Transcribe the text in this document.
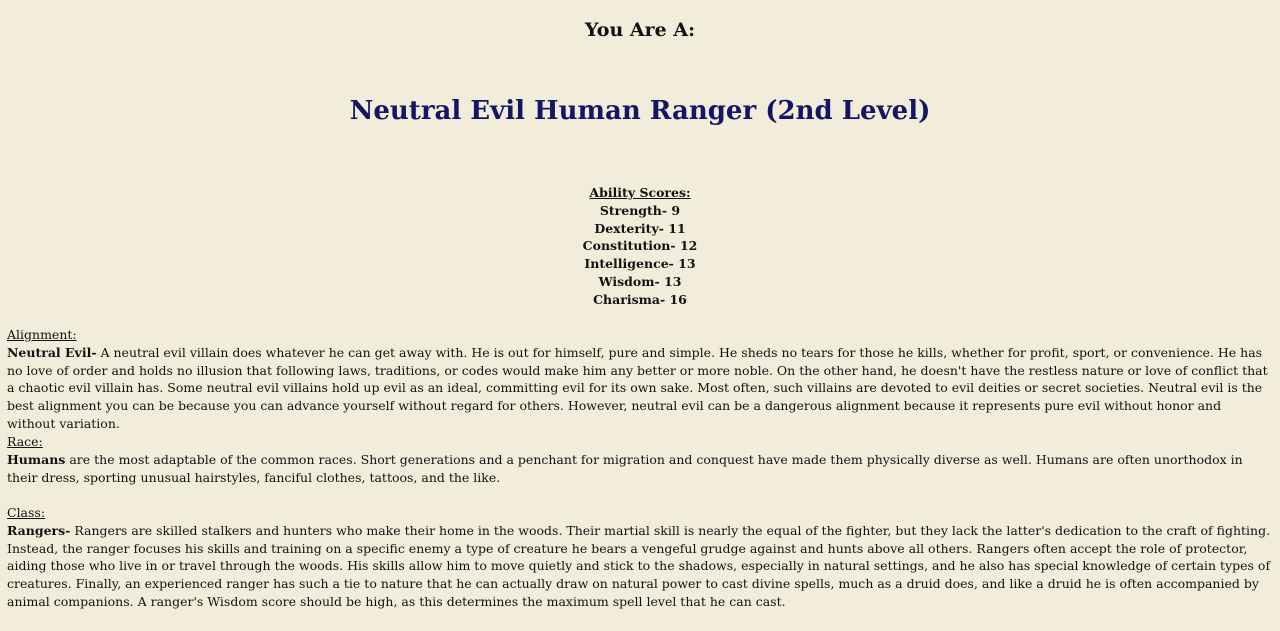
You Are A:
Neutral Evil Human Ranger (2nd Level)
Ability Scores:
Strength- 9
Dexterity- 11
Constitution- 12
Intelligence- 13
Wisdom- 13
Charisma- 16
Alignment:
Neutral Evil- A neutral evil villain does whatever he can get away with. He is out for himself, pure and simple. He sheds no tears for those he kills, whether for profit, sport, or convenience. He has no love of order and holds no illusion that following laws, traditions, or codes would make him any better or more noble. On the other hand, he doesn't have the restless nature or love of conflict that a chaotic evil villain has. Some neutral evil villains hold up evil as an ideal, committing evil for its own sake. Most often, such villains are devoted to evil deities or secret societies. Neutral evil is the best alignment you can be because you can advance yourself without regard for others. However, neutral evil can be a dangerous alignment because it represents pure evil without honor and without variation.
Race:
Humans are the most adaptable of the common races. Short generations and a penchant for migration and conquest have made them physically diverse as well. Humans are often unorthodox in their dress, sporting unusual hairstyles, fanciful clothes, tattoos, and the like.
Class:
Rangers- Rangers are skilled stalkers and hunters who make their home in the woods. Their martial skill is nearly the equal of the fighter, but they lack the latter's dedication to the craft of fighting. Instead, the ranger focuses his skills and training on a specific enemy a type of creature he bears a vengeful grudge against and hunts above all others. Rangers often accept the role of protector, aiding those who live in or travel through the woods. His skills allow him to move quietly and stick to the shadows, especially in natural settings, and he also has special knowledge of certain types of creatures. Finally, an experienced ranger has such a tie to nature that he can actually draw on natural power to cast divine spells, much as a druid does, and like a druid he is often accompanied by animal companions. A ranger's Wisdom score should be high, as this determines the maximum spell level that he can cast.
